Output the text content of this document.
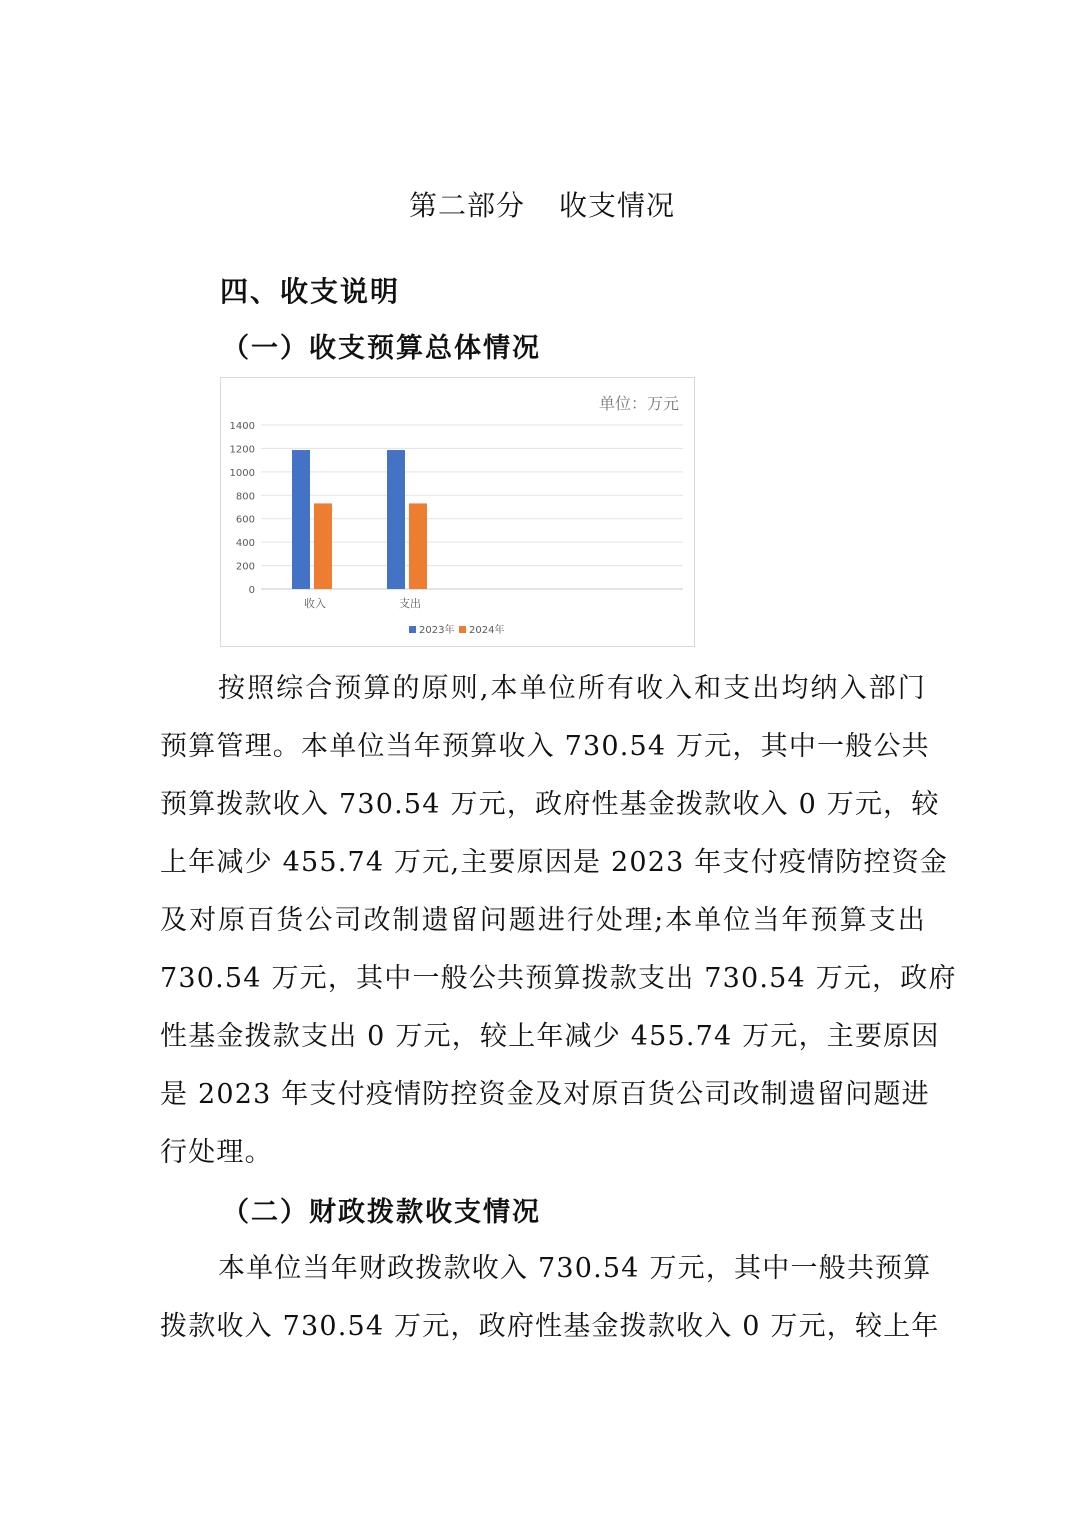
第二部分 收支情况
四、收支说明
（一）收支预算总体情况
单位：万元
0
200
400
600
800
1000
1200
1400
收入	支出
2023年 2024年
按照综合预算的原则,本单位所有收入和支出均纳入部门
预算管理。本单位当年预算收入 730.54 万元，其中一般公共
预算拨款收入 730.54 万元，政府性基金拨款收入 0 万元，较
上年减少 455.74 万元,主要原因是 2023 年支付疫情防控资金
及对原百货公司改制遗留问题进行处理;本单位当年预算支出
730.54 万元，其中一般公共预算拨款支出 730.54 万元，政府
性基金拨款支出 0 万元，较上年减少 455.74 万元，主要原因
是 2023 年支付疫情防控资金及对原百货公司改制遗留问题进
行处理。
（二）财政拨款收支情况
本单位当年财政拨款收入 730.54 万元，其中一般共预算
拨款收入 730.54 万元，政府性基金拨款收入 0 万元，较上年
